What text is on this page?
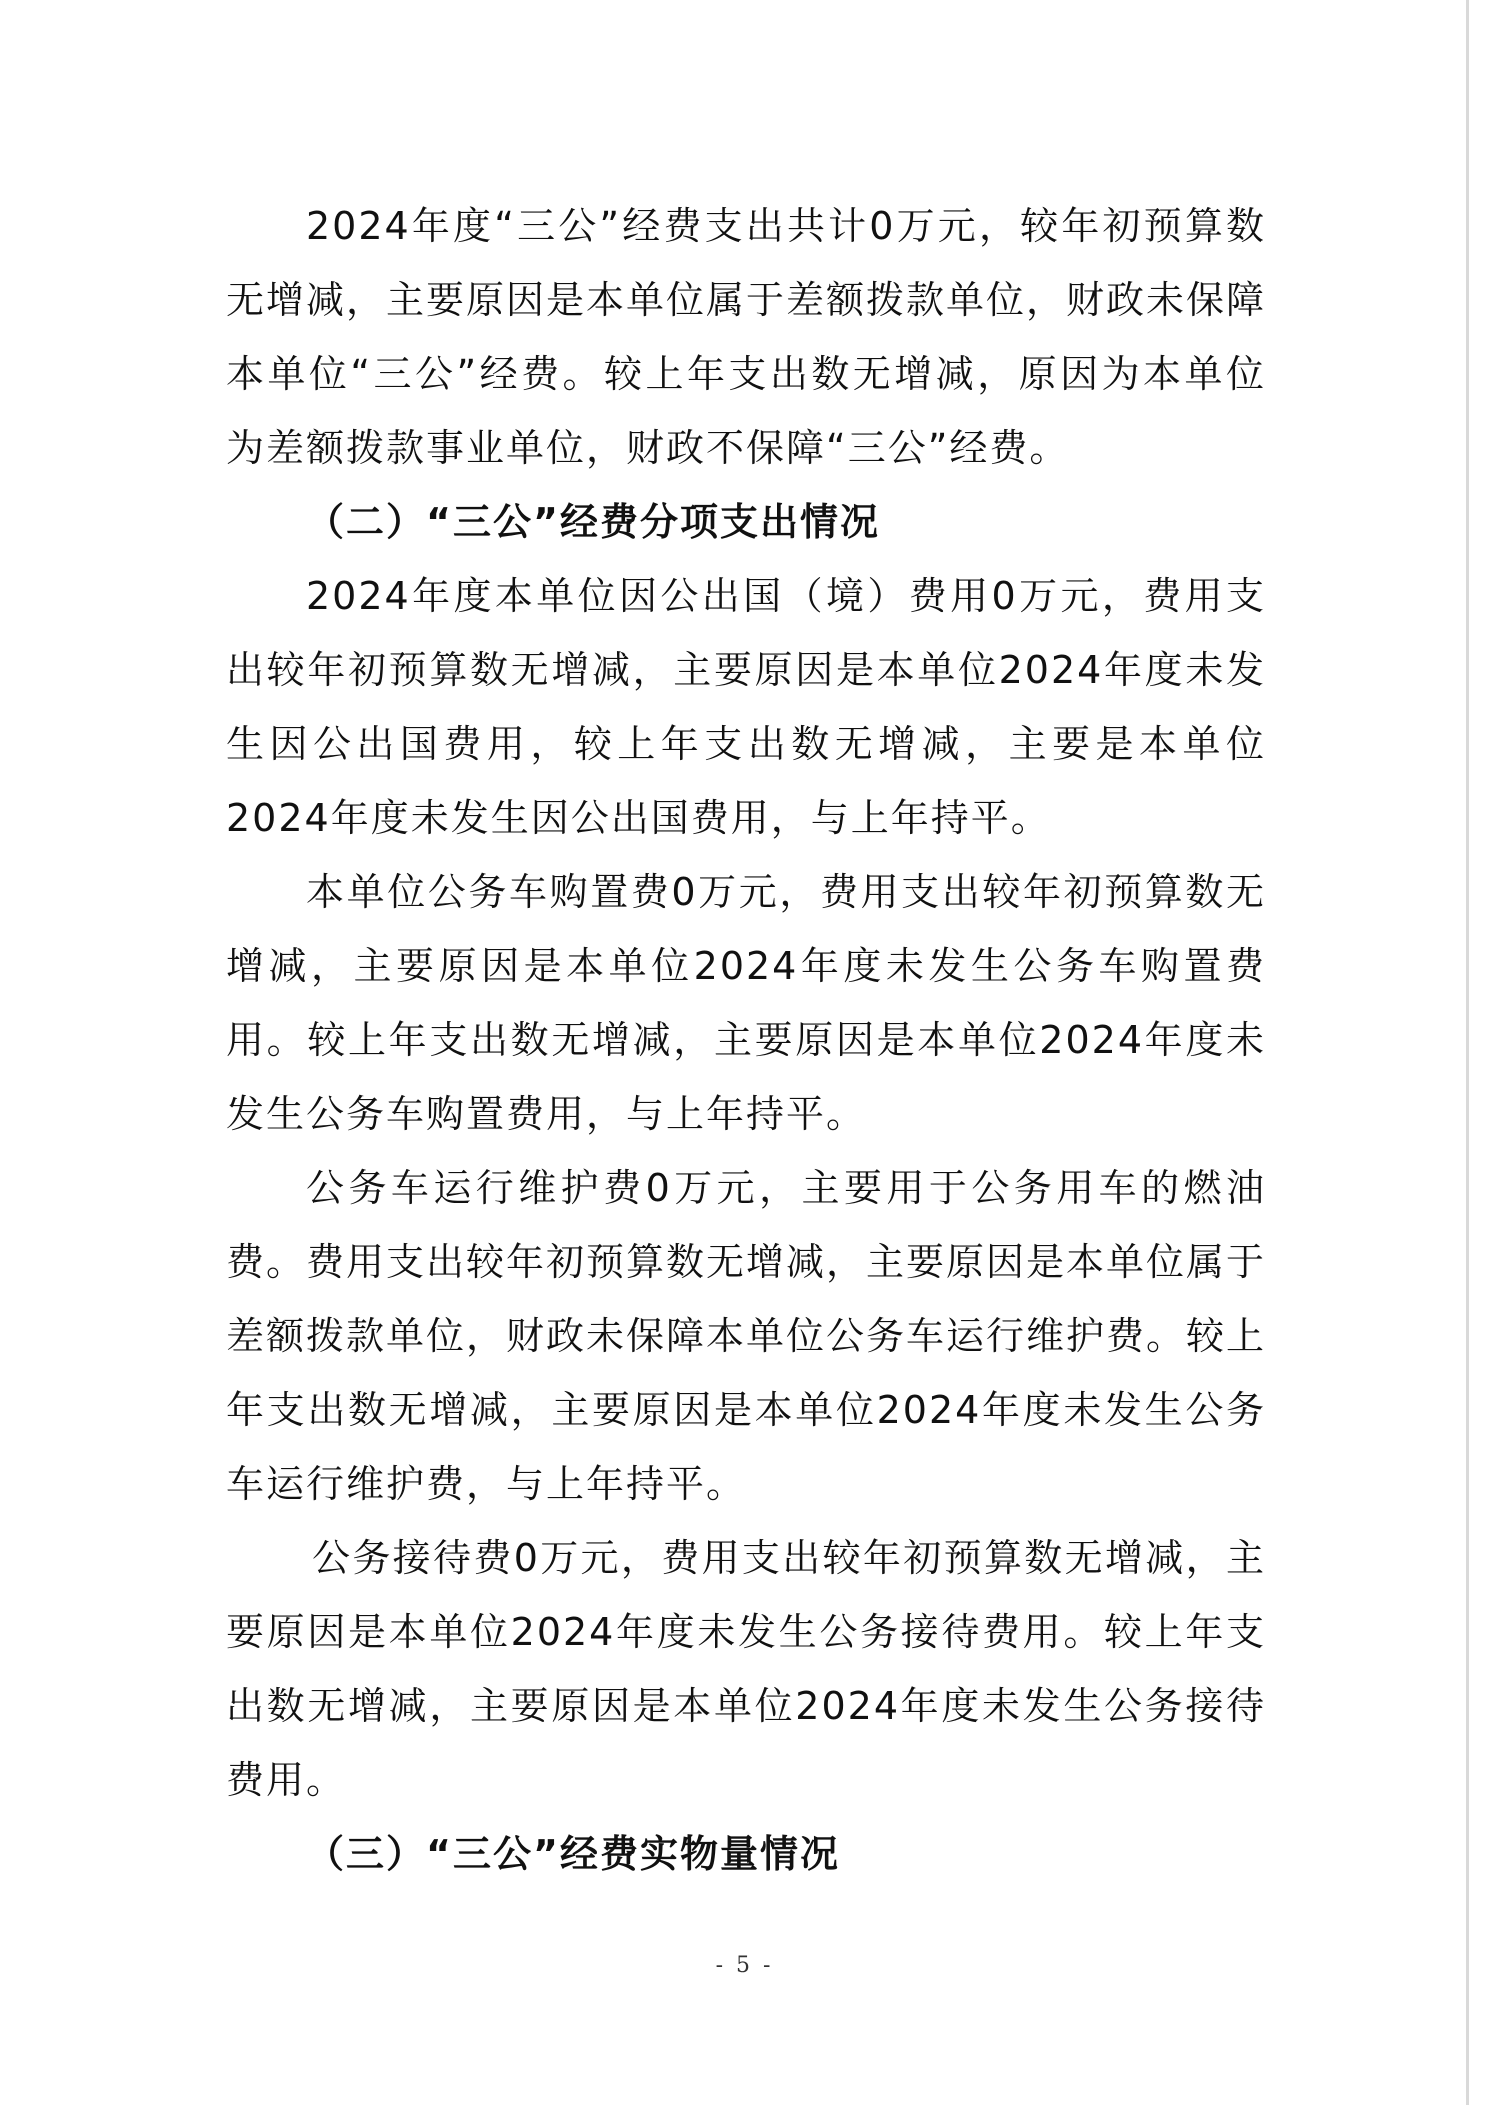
2024年度“三公”经费支出共计0万元，较年初预算数无增减，主要原因是本单位属于差额拨款单位，财政未保障本单位“三公”经费。较上年支出数无增减，原因为本单位为差额拨款事业单位，财政不保障“三公”经费。

（二）“三公”经费分项支出情况

2024年度本单位因公出国（境）费用0万元，费用支出较年初预算数无增减，主要原因是本单位2024年度未发生因公出国费用，较上年支出数无增减，主要是本单位2024年度未发生因公出国费用，与上年持平。

本单位公务车购置费0万元，费用支出较年初预算数无增减，主要原因是本单位2024年度未发生公务车购置费用。较上年支出数无增减，主要原因是本单位2024年度未发生公务车购置费用，与上年持平。

公务车运行维护费0万元，主要用于公务用车的燃油费。费用支出较年初预算数无增减，主要原因是本单位属于差额拨款单位，财政未保障本单位公务车运行维护费。较上年支出数无增减，主要原因是本单位2024年度未发生公务车运行维护费，与上年持平。

公务接待费0万元，费用支出较年初预算数无增减，主要原因是本单位2024年度未发生公务接待费用。较上年支出数无增减，主要原因是本单位2024年度未发生公务接待费用。

（三）“三公”经费实物量情况

- 5 -
